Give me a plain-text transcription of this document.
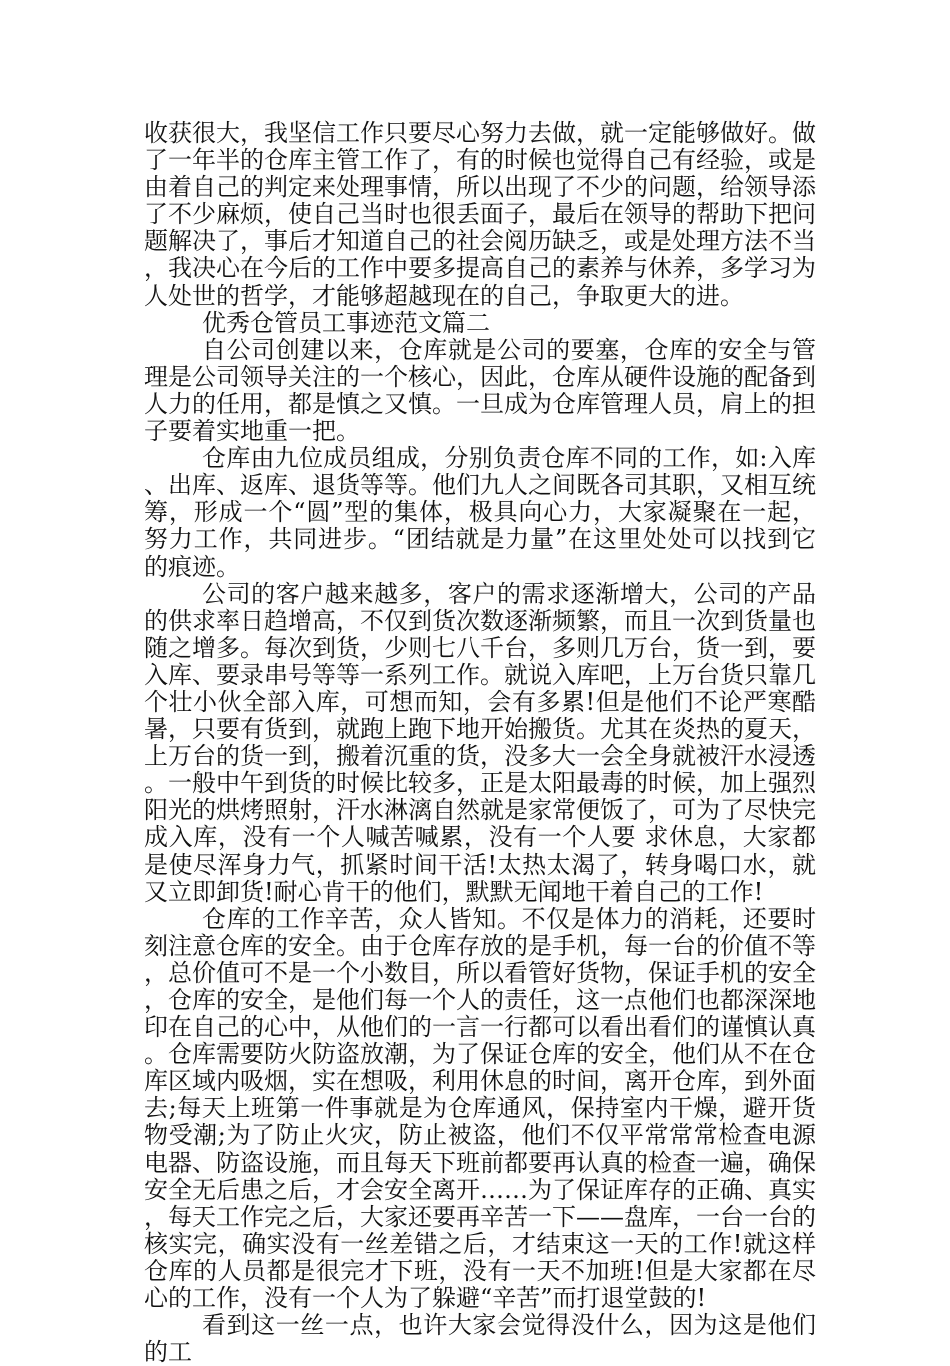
收获很大，我坚信工作只要尽心努力去做，就一定能够做好。做了一年半的仓库主管工作了，有的时候也觉得自己有经验，或是由着自己的判定来处理事情，所以出现了不少的问题，给领导添了不少麻烦，使自己当时也很丢面子，最后在领导的帮助下把问题解决了，事后才知道自己的社会阅历缺乏，或是处理方法不当，我决心在今后的工作中要多提高自己的素养与休养，多学习为人处世的哲学，才能够超越现在的自己，争取更大的进。

优秀仓管员工事迹范文篇二

自公司创建以来，仓库就是公司的要塞，仓库的安全与管理是公司领导关注的一个核心，因此，仓库从硬件设施的配备到人力的任用，都是慎之又慎。一旦成为仓库管理人员，肩上的担子要着实地重一把。

仓库由九位成员组成，分别负责仓库不同的工作，如:入库、出库、返库、退货等等。他们九人之间既各司其职，又相互统筹，形成一个“圆”型的集体，极具向心力，大家凝聚在一起，努力工作，共同进步。“团结就是力量”在这里处处可以找到它的痕迹。

公司的客户越来越多，客户的需求逐渐增大，公司的产品的供求率日趋增高，不仅到货次数逐渐频繁，而且一次到货量也随之增多。每次到货，少则七八千台，多则几万台，货一到，要入库、要录串号等等一系列工作。就说入库吧，上万台货只靠几个壮小伙全部入库，可想而知，会有多累!但是他们不论严寒酷暑，只要有货到，就跑上跑下地开始搬货。尤其在炎热的夏天，上万台的货一到，搬着沉重的货，没多大一会全身就被汗水浸透。一般中午到货的时候比较多，正是太阳最毒的时候，加上强烈阳光的烘烤照射，汗水淋漓自然就是家常便饭了，可为了尽快完成入库，没有一个人喊苦喊累，没有一个人要 求休息，大家都是使尽浑身力气，抓紧时间干活!太热太渴了，转身喝口水，就又立即卸货!耐心肯干的他们，默默无闻地干着自己的工作!

仓库的工作辛苦，众人皆知。不仅是体力的消耗，还要时刻注意仓库的安全。由于仓库存放的是手机，每一台的价值不等，总价值可不是一个小数目，所以看管好货物，保证手机的安全，仓库的安全，是他们每一个人的责任，这一点他们也都深深地印在自己的心中，从他们的一言一行都可以看出看们的谨慎认真。仓库需要防火防盗放潮，为了保证仓库的安全，他们从不在仓库区域内吸烟，实在想吸，利用休息的时间，离开仓库，到外面去;每天上班第一件事就是为仓库通风，保持室内干燥，避开货物受潮;为了防止火灾，防止被盗，他们不仅平常常常检查电源电器、防盗设施，而且每天下班前都要再认真的检查一遍，确保安全无后患之后，才会安全离开……为了保证库存的正确、真实，每天工作完之后，大家还要再辛苦一下——盘库，一台一台的核实完，确实没有一丝差错之后，才结束这一天的工作!就这样仓库的人员都是很完才下班，没有一天不加班!但是大家都在尽心的工作，没有一个人为了躲避“辛苦”而打退堂鼓的!

看到这一丝一点，也许大家会觉得没什么，因为这是他们的工
